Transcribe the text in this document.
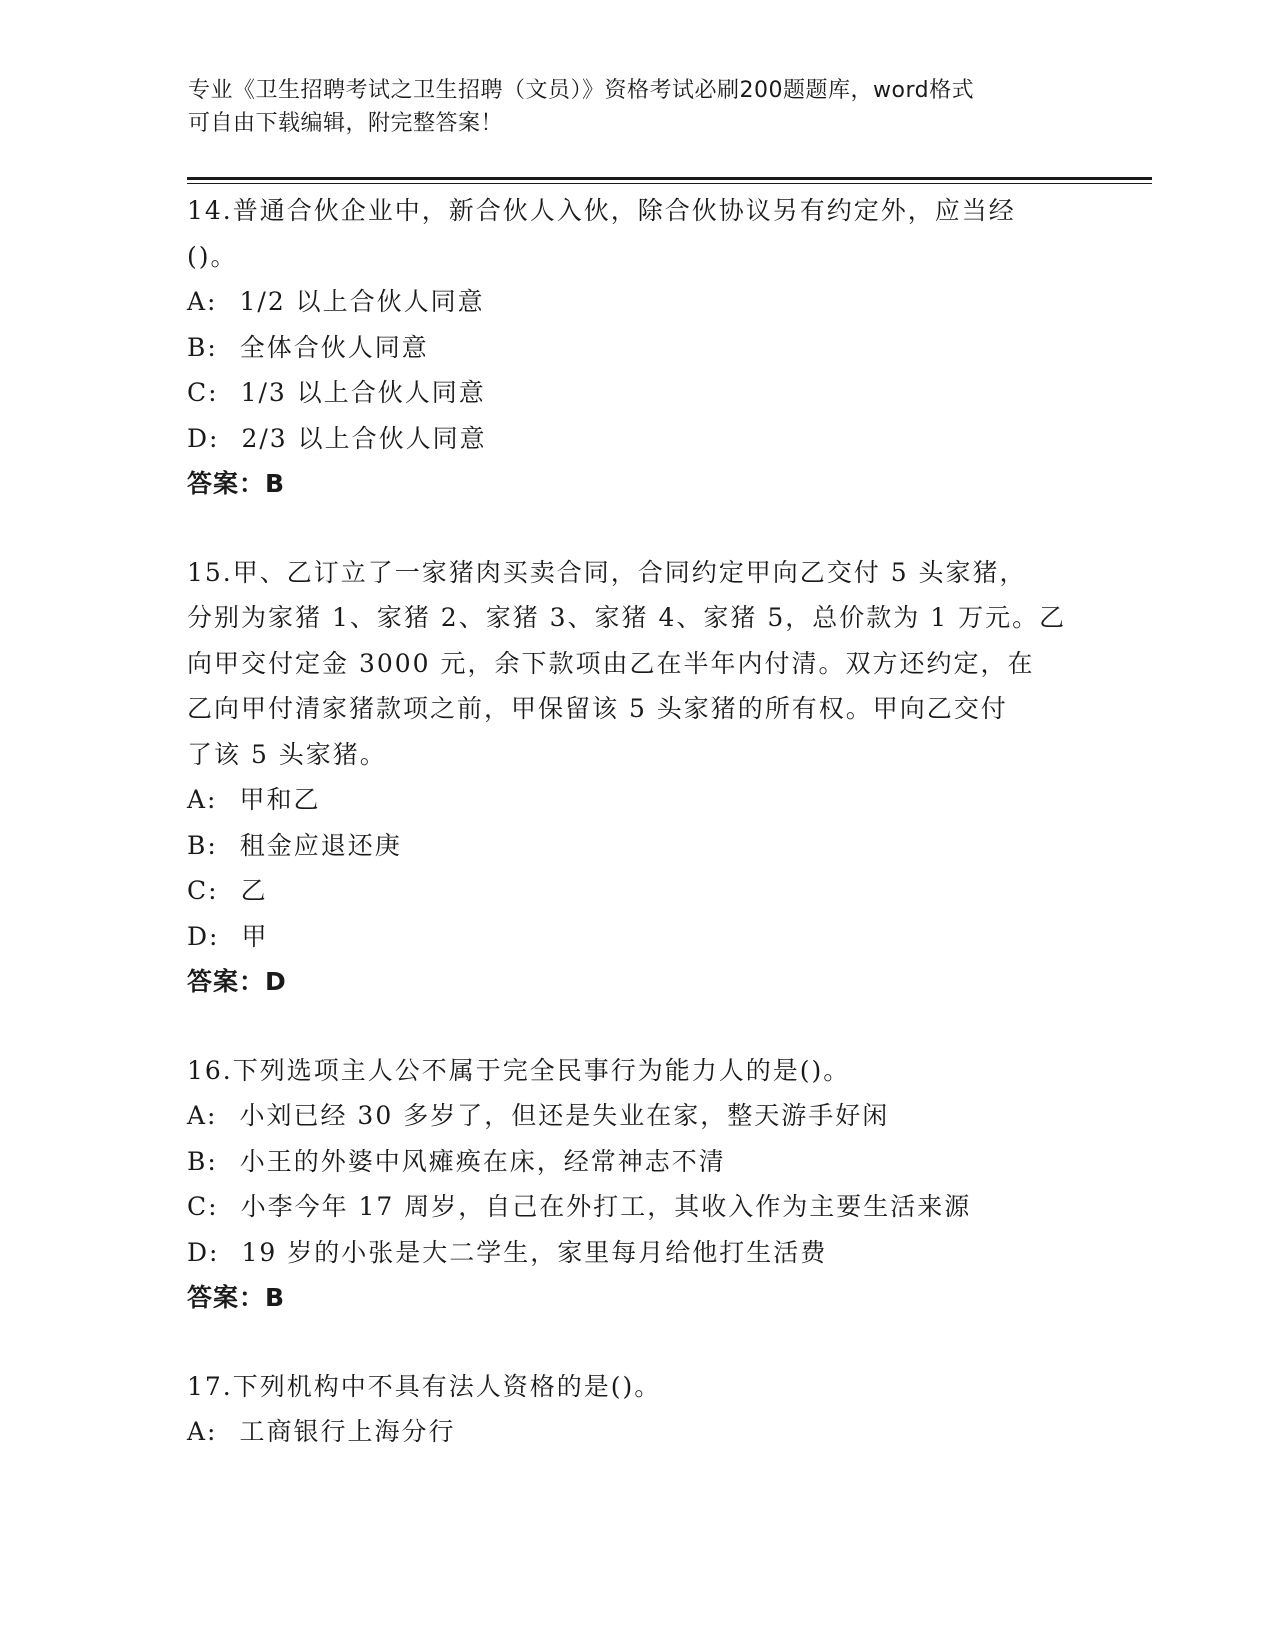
专业《卫生招聘考试之卫生招聘（文员）》资格考试必刷200题题库，word格式
可自由下载编辑，附完整答案！
14.普通合伙企业中，新合伙人入伙，除合伙协议另有约定外，应当经
()。
A: 1/2 以上合伙人同意
B: 全体合伙人同意
C: 1/3 以上合伙人同意
D: 2/3 以上合伙人同意
答案：B
15.甲、乙订立了一家猪肉买卖合同，合同约定甲向乙交付 5 头家猪，
分别为家猪 1、家猪 2、家猪 3、家猪 4、家猪 5，总价款为 1 万元。乙
向甲交付定金 3000 元，余下款项由乙在半年内付清。双方还约定，在
乙向甲付清家猪款项之前，甲保留该 5 头家猪的所有权。甲向乙交付
了该 5 头家猪。
A: 甲和乙
B: 租金应退还庚
C: 乙
D: 甲
答案：D
16.下列选项主人公不属于完全民事行为能力人的是()。
A: 小刘已经 30 多岁了，但还是失业在家，整天游手好闲
B: 小王的外婆中风瘫痪在床，经常神志不清
C: 小李今年 17 周岁，自己在外打工，其收入作为主要生活来源
D: 19 岁的小张是大二学生，家里每月给他打生活费
答案：B
17.下列机构中不具有法人资格的是()。
A: 工商银行上海分行
